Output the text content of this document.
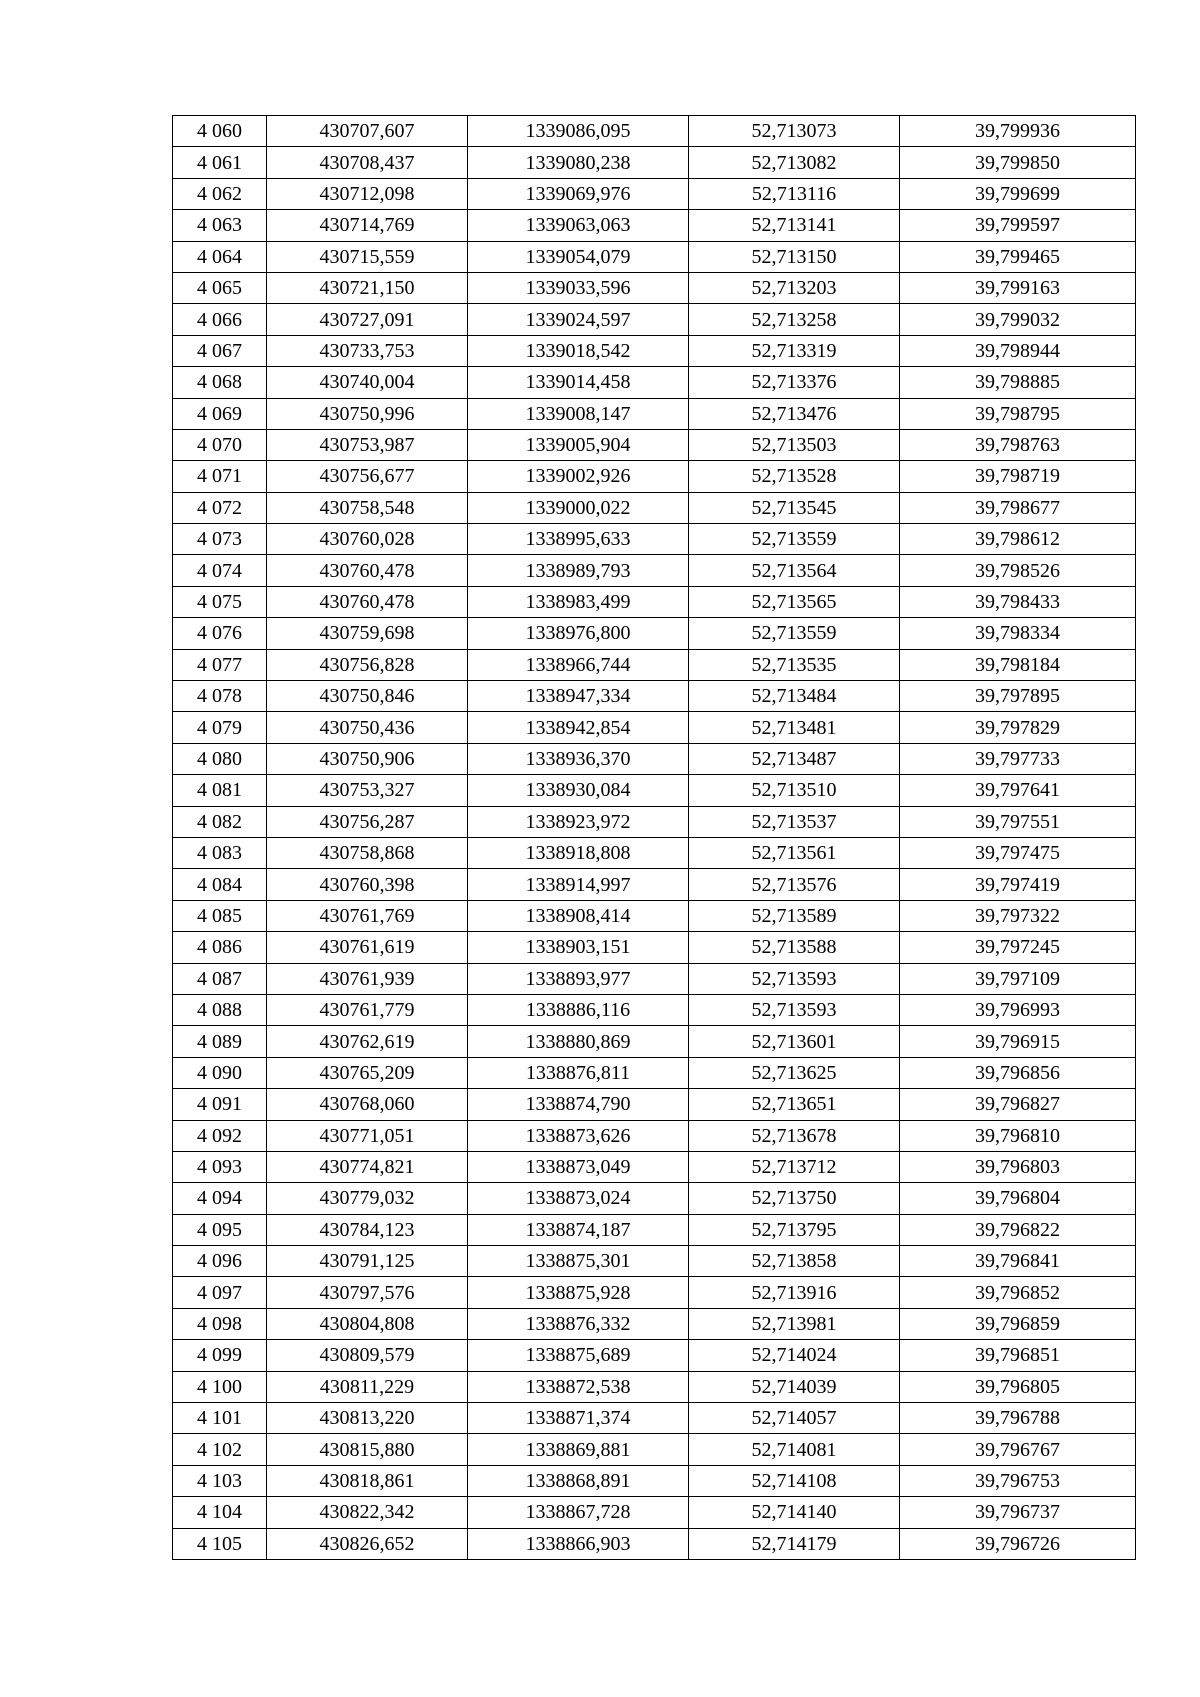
4 060	430707,607	1339086,095	52,713073	39,799936
4 061	430708,437	1339080,238	52,713082	39,799850
4 062	430712,098	1339069,976	52,713116	39,799699
4 063	430714,769	1339063,063	52,713141	39,799597
4 064	430715,559	1339054,079	52,713150	39,799465
4 065	430721,150	1339033,596	52,713203	39,799163
4 066	430727,091	1339024,597	52,713258	39,799032
4 067	430733,753	1339018,542	52,713319	39,798944
4 068	430740,004	1339014,458	52,713376	39,798885
4 069	430750,996	1339008,147	52,713476	39,798795
4 070	430753,987	1339005,904	52,713503	39,798763
4 071	430756,677	1339002,926	52,713528	39,798719
4 072	430758,548	1339000,022	52,713545	39,798677
4 073	430760,028	1338995,633	52,713559	39,798612
4 074	430760,478	1338989,793	52,713564	39,798526
4 075	430760,478	1338983,499	52,713565	39,798433
4 076	430759,698	1338976,800	52,713559	39,798334
4 077	430756,828	1338966,744	52,713535	39,798184
4 078	430750,846	1338947,334	52,713484	39,797895
4 079	430750,436	1338942,854	52,713481	39,797829
4 080	430750,906	1338936,370	52,713487	39,797733
4 081	430753,327	1338930,084	52,713510	39,797641
4 082	430756,287	1338923,972	52,713537	39,797551
4 083	430758,868	1338918,808	52,713561	39,797475
4 084	430760,398	1338914,997	52,713576	39,797419
4 085	430761,769	1338908,414	52,713589	39,797322
4 086	430761,619	1338903,151	52,713588	39,797245
4 087	430761,939	1338893,977	52,713593	39,797109
4 088	430761,779	1338886,116	52,713593	39,796993
4 089	430762,619	1338880,869	52,713601	39,796915
4 090	430765,209	1338876,811	52,713625	39,796856
4 091	430768,060	1338874,790	52,713651	39,796827
4 092	430771,051	1338873,626	52,713678	39,796810
4 093	430774,821	1338873,049	52,713712	39,796803
4 094	430779,032	1338873,024	52,713750	39,796804
4 095	430784,123	1338874,187	52,713795	39,796822
4 096	430791,125	1338875,301	52,713858	39,796841
4 097	430797,576	1338875,928	52,713916	39,796852
4 098	430804,808	1338876,332	52,713981	39,796859
4 099	430809,579	1338875,689	52,714024	39,796851
4 100	430811,229	1338872,538	52,714039	39,796805
4 101	430813,220	1338871,374	52,714057	39,796788
4 102	430815,880	1338869,881	52,714081	39,796767
4 103	430818,861	1338868,891	52,714108	39,796753
4 104	430822,342	1338867,728	52,714140	39,796737
4 105	430826,652	1338866,903	52,714179	39,796726
